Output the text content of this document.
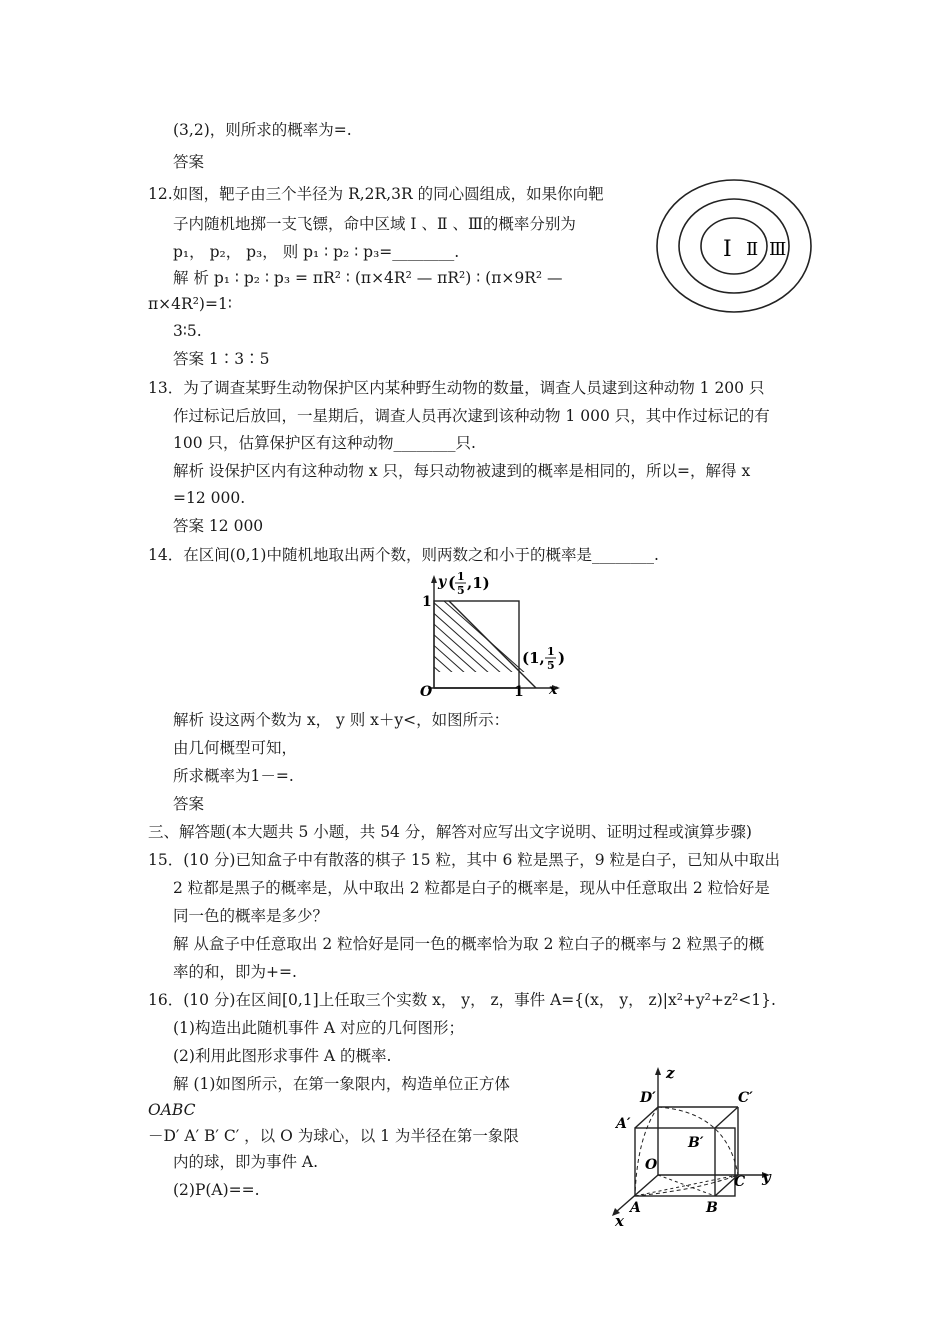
(3,2)，则所求的概率为=.
答案
12.如图，靶子由三个半径为 R,2R,3R 的同心圆组成，如果你向靶
子内随机地掷一支飞镖，命中区域 Ⅰ 、Ⅱ 、Ⅲ的概率分别为
p₁， p₂， p₃， 则 p₁ ∶ p₂ ∶ p₃=________.
解 析 p₁ ∶ p₂ ∶ p₃ = πR² ∶ (π×4R² — πR²) ∶ (π×9R² —
π×4R²)=1∶
3∶5.
答案 1∶3∶5
13．为了调查某野生动物保护区内某种野生动物的数量，调查人员逮到这种动物 1 200 只
作过标记后放回，一星期后，调查人员再次逮到该种动物 1 000 只，其中作过标记的有
100 只，估算保护区有这种动物________只.
解析 设保护区内有这种动物 x 只，每只动物被逮到的概率是相同的，所以=，解得 x
=12 000.
答案 12 000
14．在区间(0,1)中随机地取出两个数，则两数之和小于的概率是________.
解析 设这两个数为 x， y 则 x＋y<，如图所示：
由几何概型可知，
所求概率为1－=.
答案
三、解答题(本大题共 5 小题，共 54 分，解答对应写出文字说明、证明过程或演算步骤)
15．(10 分)已知盒子中有散落的棋子 15 粒，其中 6 粒是黑子，9 粒是白子，已知从中取出
2 粒都是黑子的概率是，从中取出 2 粒都是白子的概率是，现从中任意取出 2 粒恰好是
同一色的概率是多少？
解 从盒子中任意取出 2 粒恰好是同一色的概率恰为取 2 粒白子的概率与 2 粒黑子的概
率的和，即为+=.
16．(10 分)在区间[0,1]上任取三个实数 x， y， z，事件 A={(x， y， z)|x²+y²+z²<1}.
(1)构造出此随机事件 A 对应的几何图形；
(2)利用此图形求事件 A 的概率.
解 (1)如图所示，在第一象限内，构造单位正方体
OABC
－D′ A′ B′ C′ ，以 O 为球心，以 1 为半径在第一象限
内的球，即为事件 A.
(2)P(A)==.
Ⅰ Ⅱ Ⅲ
y
x
O
1
1
( 1
5 ,1)
(1, 1
5 )
z
y
x
D′	C′
A′
B′
O
C
A	B
